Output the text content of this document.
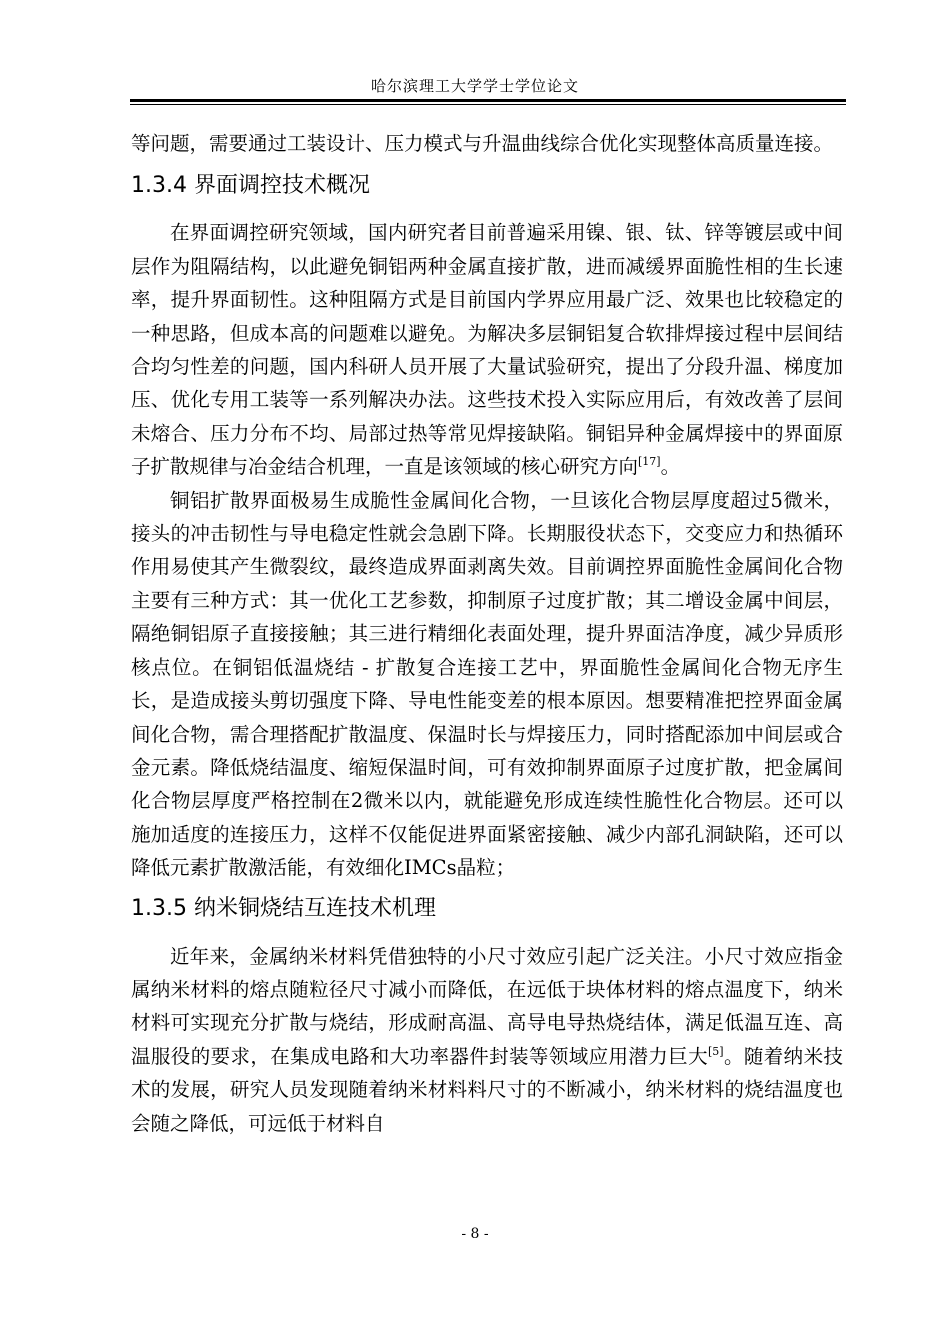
哈尔滨理工大学学士学位论文

等问题，需要通过工装设计、压力模式与升温曲线综合优化实现整体高质量连接。

1.3.4 界面调控技术概况

在界面调控研究领域，国内研究者目前普遍采用镍、银、钛、锌等镀层或中间层作为阻隔结构，以此避免铜铝两种金属直接扩散，进而减缓界面脆性相的生长速率，提升界面韧性。这种阻隔方式是目前国内学界应用最广泛、效果也比较稳定的一种思路，但成本高的问题难以避免。为解决多层铜铝复合软排焊接过程中层间结合均匀性差的问题，国内科研人员开展了大量试验研究，提出了分段升温、梯度加压、优化专用工装等一系列解决办法。这些技术投入实际应用后，有效改善了层间未熔合、压力分布不均、局部过热等常见焊接缺陷。铜铝异种金属焊接中的界面原子扩散规律与冶金结合机理，一直是该领域的核心研究方向[17]。

铜铝扩散界面极易生成脆性金属间化合物，一旦该化合物层厚度超过5微米，接头的冲击韧性与导电稳定性就会急剧下降。长期服役状态下，交变应力和热循环作用易使其产生微裂纹，最终造成界面剥离失效。目前调控界面脆性金属间化合物主要有三种方式：其一优化工艺参数，抑制原子过度扩散；其二增设金属中间层，隔绝铜铝原子直接接触；其三进行精细化表面处理，提升界面洁净度，减少异质形核点位。在铜铝低温烧结 - 扩散复合连接工艺中，界面脆性金属间化合物无序生长，是造成接头剪切强度下降、导电性能变差的根本原因。想要精准把控界面金属间化合物，需合理搭配扩散温度、保温时长与焊接压力，同时搭配添加中间层或合金元素。降低烧结温度、缩短保温时间，可有效抑制界面原子过度扩散，把金属间化合物层厚度严格控制在2微米以内，就能避免形成连续性脆性化合物层。还可以施加适度的连接压力，这样不仅能促进界面紧密接触、减少内部孔洞缺陷，还可以降低元素扩散激活能，有效细化IMCs晶粒；

1.3.5 纳米铜烧结互连技术机理

近年来，金属纳米材料凭借独特的小尺寸效应引起广泛关注。小尺寸效应指金属纳米材料的熔点随粒径尺寸减小而降低，在远低于块体材料的熔点温度下，纳米材料可实现充分扩散与烧结，形成耐高温、高导电导热烧结体，满足低温互连、高温服役的要求，在集成电路和大功率器件封装等领域应用潜力巨大[5]。随着纳米技术的发展，研究人员发现随着纳米材料料尺寸的不断减小，纳米材料的烧结温度也会随之降低，可远低于材料自

- 8 -
